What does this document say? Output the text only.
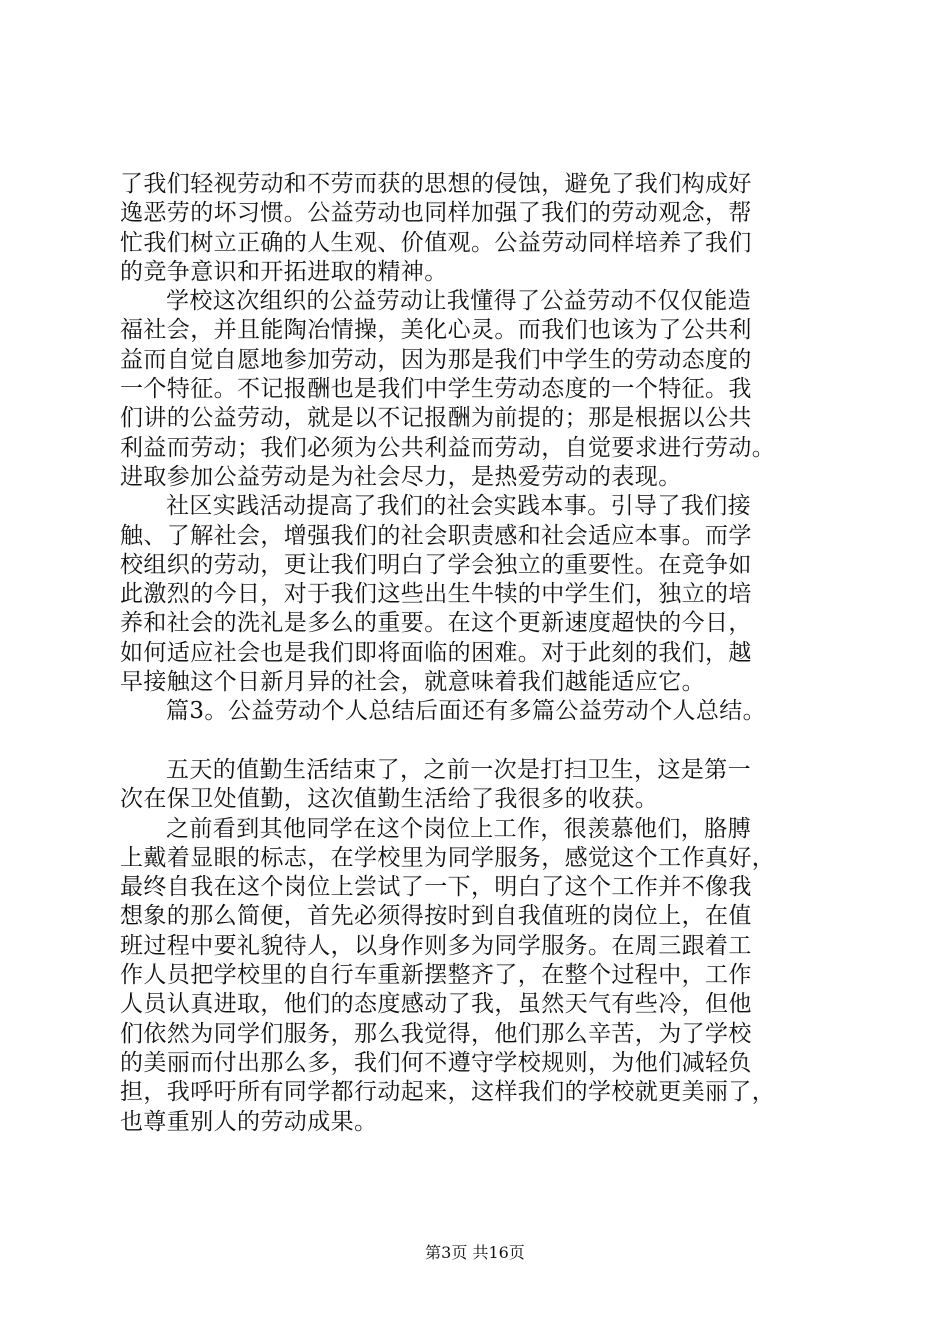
了我们轻视劳动和不劳而获的思想的侵蚀，避免了我们构成好
逸恶劳的坏习惯。公益劳动也同样加强了我们的劳动观念，帮
忙我们树立正确的人生观、价值观。公益劳动同样培养了我们
的竞争意识和开拓进取的精神。
学校这次组织的公益劳动让我懂得了公益劳动不仅仅能造
福社会，并且能陶冶情操，美化心灵。而我们也该为了公共利
益而自觉自愿地参加劳动，因为那是我们中学生的劳动态度的
一个特征。不记报酬也是我们中学生劳动态度的一个特征。我
们讲的公益劳动，就是以不记报酬为前提的；那是根据以公共
利益而劳动；我们必须为公共利益而劳动，自觉要求进行劳动。
进取参加公益劳动是为社会尽力，是热爱劳动的表现。
社区实践活动提高了我们的社会实践本事。引导了我们接
触、了解社会，增强我们的社会职责感和社会适应本事。而学
校组织的劳动，更让我们明白了学会独立的重要性。在竞争如
此激烈的今日，对于我们这些出生牛犊的中学生们，独立的培
养和社会的洗礼是多么的重要。在这个更新速度超快的今日，
如何适应社会也是我们即将面临的困难。对于此刻的我们，越
早接触这个日新月异的社会，就意味着我们越能适应它。
篇3。公益劳动个人总结后面还有多篇公益劳动个人总结。
五天的值勤生活结束了，之前一次是打扫卫生，这是第一
次在保卫处值勤，这次值勤生活给了我很多的收获。
之前看到其他同学在这个岗位上工作，很羡慕他们，胳膊
上戴着显眼的标志，在学校里为同学服务，感觉这个工作真好，
最终自我在这个岗位上尝试了一下，明白了这个工作并不像我
想象的那么简便，首先必须得按时到自我值班的岗位上，在值
班过程中要礼貌待人，以身作则多为同学服务。在周三跟着工
作人员把学校里的自行车重新摆整齐了，在整个过程中，工作
人员认真进取，他们的态度感动了我，虽然天气有些冷，但他
们依然为同学们服务，那么我觉得，他们那么辛苦，为了学校
的美丽而付出那么多，我们何不遵守学校规则，为他们减轻负
担，我呼吁所有同学都行动起来，这样我们的学校就更美丽了，
也尊重别人的劳动成果。
第3页 共16页
